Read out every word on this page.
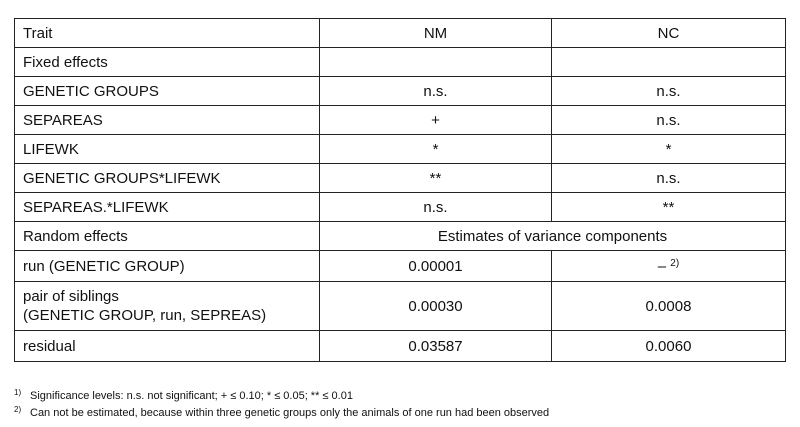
Trait	NM	NC
Fixed effects		
GENETIC GROUPS	n.s.	n.s.
SEPAREAS	+	n.s.
LIFEWK	*	*
GENETIC GROUPS*LIFEWK	**	n.s.
SEPAREAS.*LIFEWK	n.s.	**
Random effects	Estimates of variance components	
run (GENETIC GROUP)	0.00001	– $^{2)}$

pair of siblings
(GENETIC GROUP, run, SEPREAS)	0.00030	0.0008
residual	0.03587	0.0060
$^{1)}$ Significance levels: n.s. not significant; + ≤ 0.10; * ≤ 0.05; ** ≤ 0.01
$^{2)}$ Can not be estimated, because within three genetic groups only the animals of one run had been observed
